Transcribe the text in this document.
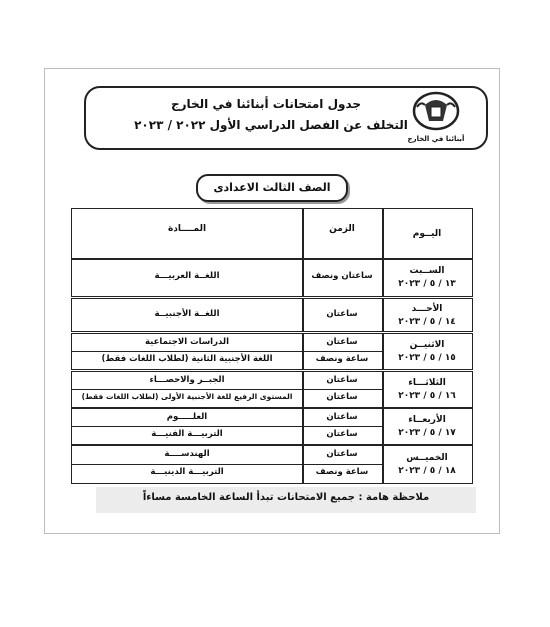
جدول امتحانات أبنائنا في الخارج
التخلف عن الفصل الدراسي الأول ٢٠٢٢ / ٢٠٢٣
أبنائنا في الخارج
الصف الثالث الاعدادى
اليــوم
الزمن
المــــادة
الســبت
١٣ / ٥ / ٢٠٢٣
ساعتان ونصف
اللغــة العربيـــة
الأحـــد
١٤ / ٥ / ٢٠٢٣
ساعتان
اللغــة الأجنبيــة
الاثنيــن
١٥ / ٥ / ٢٠٢٣
ساعتان
الدراسات الاجتماعية
ساعة ونصف
اللغة الأجنبية الثانية (لطلاب اللغات فقط)
الثلاثـــاء
١٦ / ٥ / ٢٠٢٣
ساعتان
الجبــر والاحصـــاء
ساعتان
المستوى الرفيع للغة الأجنبية الأولى (لطلاب اللغات فقط)
الأربعــاء
١٧ / ٥ / ٢٠٢٣
ساعتان
العلـــــوم
ساعتان
التربيـــة الفنيـــة
الخميــس
١٨ / ٥ / ٢٠٢٣
ساعتان
الهندســــة
ساعة ونصف
التربيـــة الدينيـــة
ملاحظة هامة : جميع الامتحانات تبدأ الساعة الخامسة مساءاً
